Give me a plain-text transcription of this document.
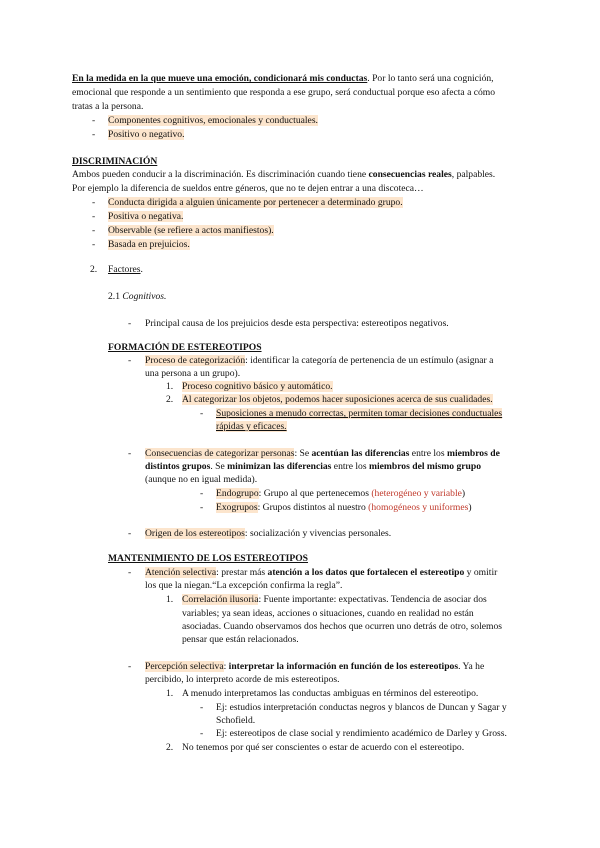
En la medida en la que mueve una emoción, condicionará mis conductas. Por lo tanto será una cognición,
emocional que responde a un sentimiento que responda a ese grupo, será conductual porque eso afecta a cómo
tratas a la persona.
- Componentes cognitivos, emocionales y conductuales.
- Positivo o negativo.
DISCRIMINACIÓN
Ambos pueden conducir a la discriminación. Es discriminación cuando tiene consecuencias reales, palpables.
Por ejemplo la diferencia de sueldos entre géneros, que no te dejen entrar a una discoteca…
- Conducta dirigida a alguien únicamente por pertenecer a determinado grupo.
- Positiva o negativa.
- Observable (se refiere a actos manifiestos).
- Basada en prejuicios.
2. Factores.
2.1 Cognitivos.
- Principal causa de los prejuicios desde esta perspectiva: estereotipos negativos.
FORMACIÓN DE ESTEREOTIPOS
- Proceso de categorización: identificar la categoría de pertenencia de un estímulo (asignar a
una persona a un grupo).
1. Proceso cognitivo básico y automático.
2. Al categorizar los objetos, podemos hacer suposiciones acerca de sus cualidades.
- Suposiciones a menudo correctas, permiten tomar decisiones conductuales
rápidas y eficaces.
- Consecuencias de categorizar personas: Se acentúan las diferencias entre los miembros de
distintos grupos. Se minimizan las diferencias entre los miembros del mismo grupo
(aunque no en igual medida).
- Endogrupo: Grupo al que pertenecemos (heterogéneo y variable)
- Exogrupos: Grupos distintos al nuestro (homogéneos y uniformes)
- Origen de los estereotipos: socialización y vivencias personales.
MANTENIMIENTO DE LOS ESTEREOTIPOS
- Atención selectiva: prestar más atención a los datos que fortalecen el estereotipo y omitir
los que la niegan.“La excepción confirma la regla”.
1. Correlación ilusoria: Fuente importante: expectativas. Tendencia de asociar dos
variables; ya sean ideas, acciones o situaciones, cuando en realidad no están
asociadas. Cuando observamos dos hechos que ocurren uno detrás de otro, solemos
pensar que están relacionados.
- Percepción selectiva: interpretar la información en función de los estereotipos. Ya he
percibido, lo interpreto acorde de mis estereotipos.
1. A menudo interpretamos las conductas ambiguas en términos del estereotipo.
- Ej: estudios interpretación conductas negros y blancos de Duncan y Sagar y
Schofield.
- Ej: estereotipos de clase social y rendimiento académico de Darley y Gross.
2. No tenemos por qué ser conscientes o estar de acuerdo con el estereotipo.
